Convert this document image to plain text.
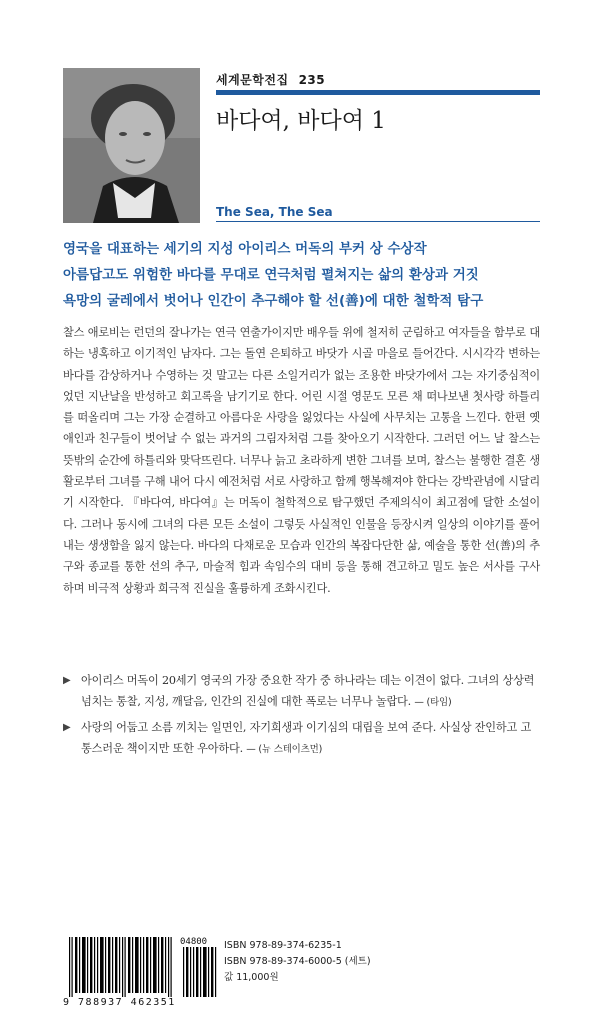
세계문학전집 235
바다여, 바다여 1
The Sea, The Sea
영국을 대표하는 세기의 지성 아이리스 머독의 부커 상 수상작
아름답고도 위험한 바다를 무대로 연극처럼 펼쳐지는 삶의 환상과 거짓
욕망의 굴레에서 벗어나 인간이 추구해야 할 선(善)에 대한 철학적 탐구
찰스 애로비는 런던의 잘나가는 연극 연출가이지만 배우들 위에 철저히 군림하고 여자들을 함부로 대하는 냉혹하고 이기적인 남자다. 그는 돌연 은퇴하고 바닷가 시골 마을로 들어간다. 시시각각 변하는 바다를 감상하거나 수영하는 것 말고는 다른 소일거리가 없는 조용한 바닷가에서 그는 자기중심적이었던 지난날을 반성하고 회고록을 남기기로 한다. 어린 시절 영문도 모른 채 떠나보낸 첫사랑 하틀리를 떠올리며 그는 가장 순결하고 아름다운 사랑을 잃었다는 사실에 사무치는 고통을 느낀다. 한편 옛 애인과 친구들이 벗어날 수 없는 과거의 그림자처럼 그를 찾아오기 시작한다. 그러던 어느 날 찰스는 뜻밖의 순간에 하틀리와 맞닥뜨린다. 너무나 늙고 초라하게 변한 그녀를 보며, 찰스는 불행한 결혼 생활로부터 그녀를 구해 내어 다시 예전처럼 서로 사랑하고 함께 행복해져야 한다는 강박관념에 시달리기 시작한다. 『바다여, 바다여』는 머독이 철학적으로 탐구했던 주제의식이 최고점에 달한 소설이다. 그러나 동시에 그녀의 다른 모든 소설이 그렇듯 사실적인 인물을 등장시켜 일상의 이야기를 풀어내는 생생함을 잃지 않는다. 바다의 다채로운 모습과 인간의 복잡다단한 삶, 예술을 통한 선(善)의 추구와 종교를 통한 선의 추구, 마술적 힘과 속임수의 대비 등을 통해 견고하고 밀도 높은 서사를 구사하며 비극적 상황과 희극적 진실을 훌륭하게 조화시킨다.
▶ 아이리스 머독이 20세기 영국의 가장 중요한 작가 중 하나라는 데는 이견이 없다. 그녀의 상상력 넘치는 통찰, 지성, 깨달음, 인간의 진실에 대한 폭로는 너무나 놀랍다. — (타임)
▶ 사랑의 어둡고 소름 끼치는 일면인, 자기희생과 이기심의 대립을 보여 준다. 사실상 잔인하고 고통스러운 책이지만 또한 우아하다. — (뉴 스테이츠먼)
04800
9 788937 462351
ISBN 978-89-374-6235-1
ISBN 978-89-374-6000-5 (세트)
값 11,000원
